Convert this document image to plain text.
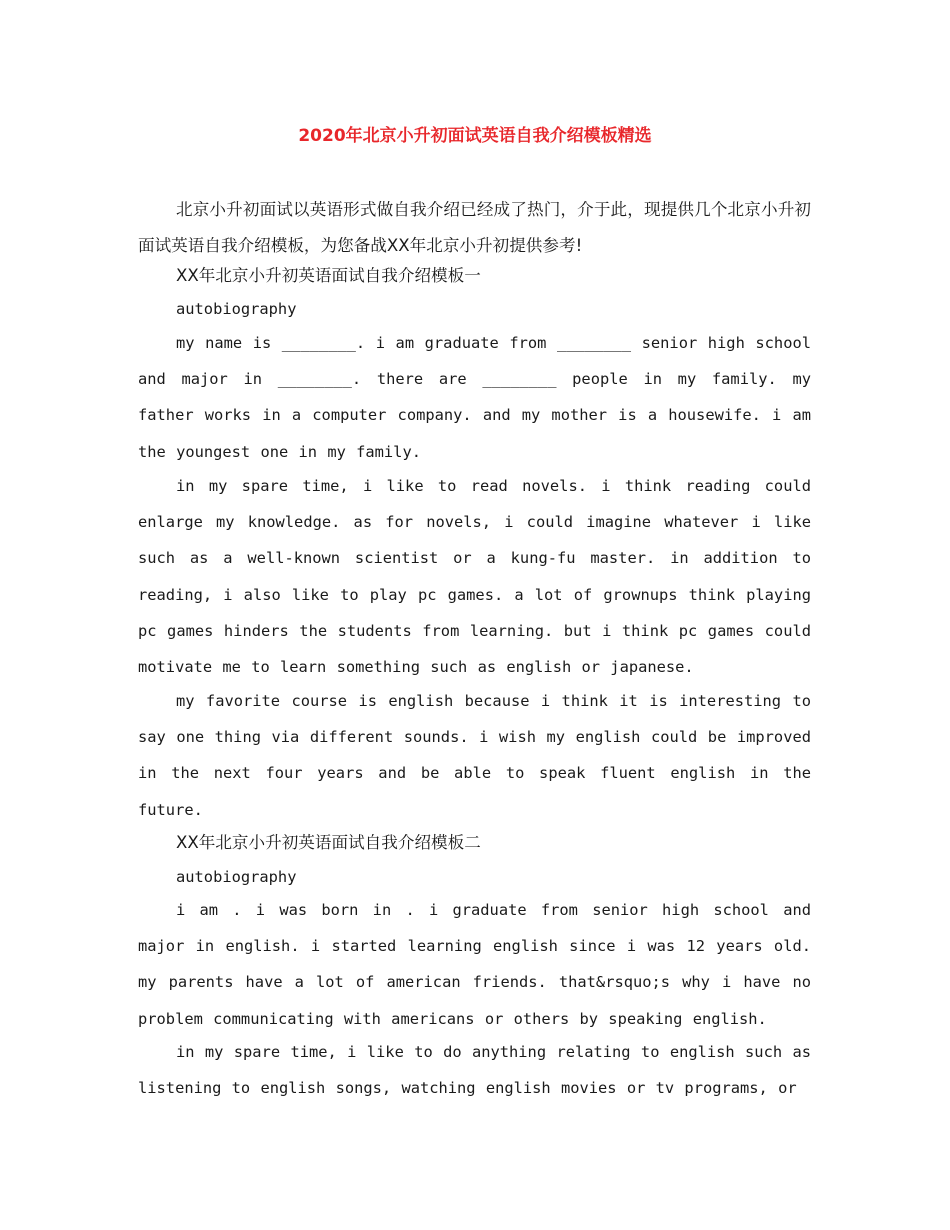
2020年北京小升初面试英语自我介绍模板精选
北京小升初面试以英语形式做自我介绍已经成了热门，介于此，现提供几个北京小升初面试英语自我介绍模板，为您备战XX年北京小升初提供参考!
XX年北京小升初英语面试自我介绍模板一
autobiography
my name is ________. i am graduate from ________ senior high school and major in ________. there are ________ people in my family. my father works in a computer company. and my mother is a housewife. i am the youngest one in my family.
in my spare time, i like to read novels. i think reading could enlarge my knowledge. as for novels, i could imagine whatever i like such as a well-known scientist or a kung-fu master. in addition to reading, i also like to play pc games. a lot of grownups think playing pc games hinders the students from learning. but i think pc games could motivate me to learn something such as english or japanese.
my favorite course is english because i think it is interesting to say one thing via different sounds. i wish my english could be improved in the next four years and be able to speak fluent english in the future.
XX年北京小升初英语面试自我介绍模板二
autobiography
i am . i was born in . i graduate from senior high school and major in english. i started learning english since i was 12 years old. my parents have a lot of american friends. that&rsquo;s why i have no problem communicating with americans or others by speaking english.
in my spare time, i like to do anything relating to english such as listening to english songs, watching english movies or tv programs, or
